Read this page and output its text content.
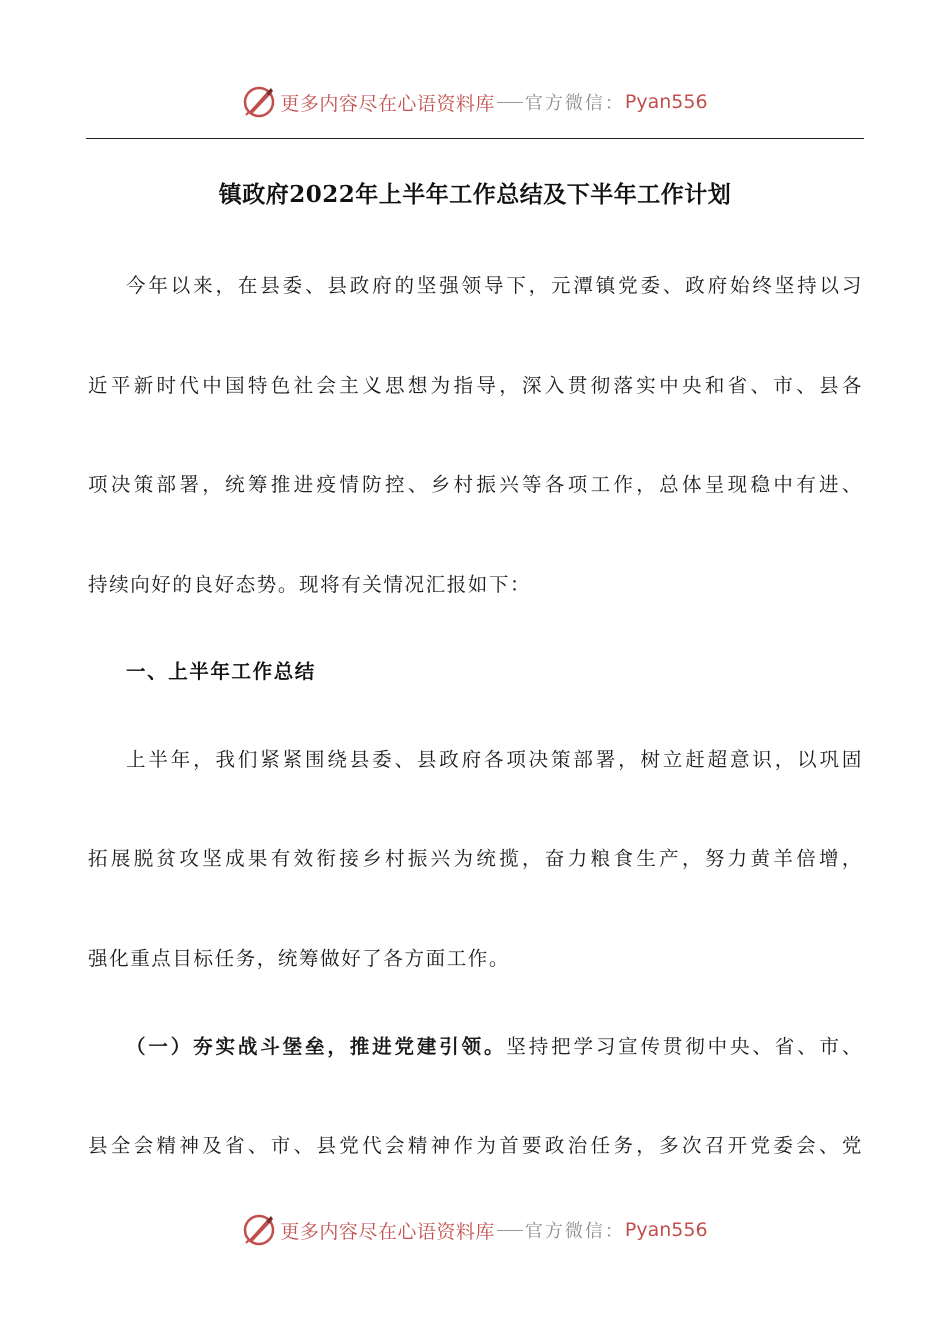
更多内容尽在心语资料库 官方微信： Pyan556
镇政府2022年上半年工作总结及下半年工作计划
今年以来，在县委、县政府的坚强领导下，元潭镇党委、政府始终坚持以习
近平新时代中国特色社会主义思想为指导，深入贯彻落实中央和省、市、县各
项决策部署，统筹推进疫情防控、乡村振兴等各项工作，总体呈现稳中有进、
持续向好的良好态势。现将有关情况汇报如下：
一、上半年工作总结
上半年，我们紧紧围绕县委、县政府各项决策部署，树立赶超意识，以巩固
拓展脱贫攻坚成果有效衔接乡村振兴为统揽，奋力粮食生产，努力黄羊倍增，
强化重点目标任务，统筹做好了各方面工作。
（一）夯实战斗堡垒，推进党建引领。坚持把学习宣传贯彻中央、省、市、
县全会精神及省、市、县党代会精神作为首要政治任务，多次召开党委会、党
更多内容尽在心语资料库 官方微信： Pyan556
